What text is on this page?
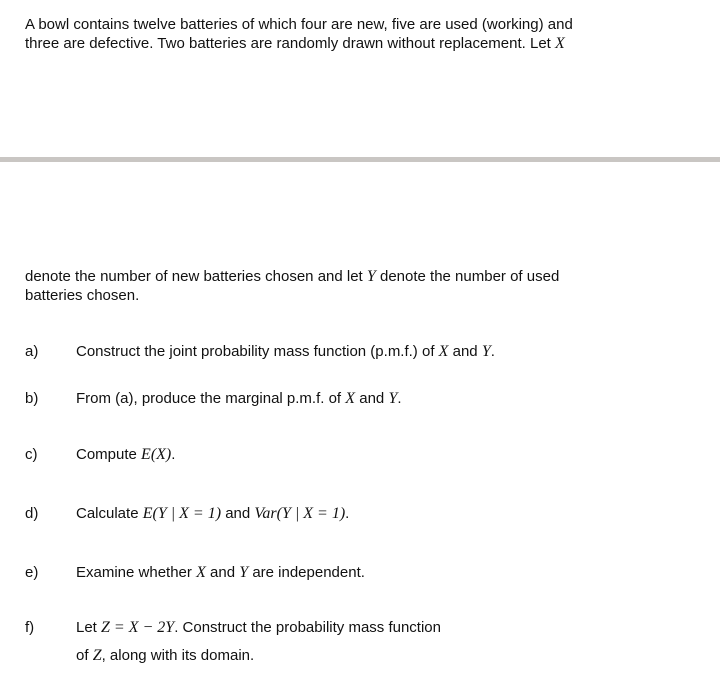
A bowl contains twelve batteries of which four are new, five are used (working) and
three are defective. Two batteries are randomly drawn without replacement. Let X

denote the number of new batteries chosen and let Y denote the number of used
batteries chosen.

a)	Construct the joint probability mass function (p.m.f.) of X and Y.
b)	From (a), produce the marginal p.m.f. of X and Y.
c)	Compute E(X).
d)	Calculate E(Y | X = 1) and Var(Y | X = 1).
e)	Examine whether X and Y are independent.
f)	Let Z = X − 2Y. Construct the probability mass function
of Z, along with its domain.
